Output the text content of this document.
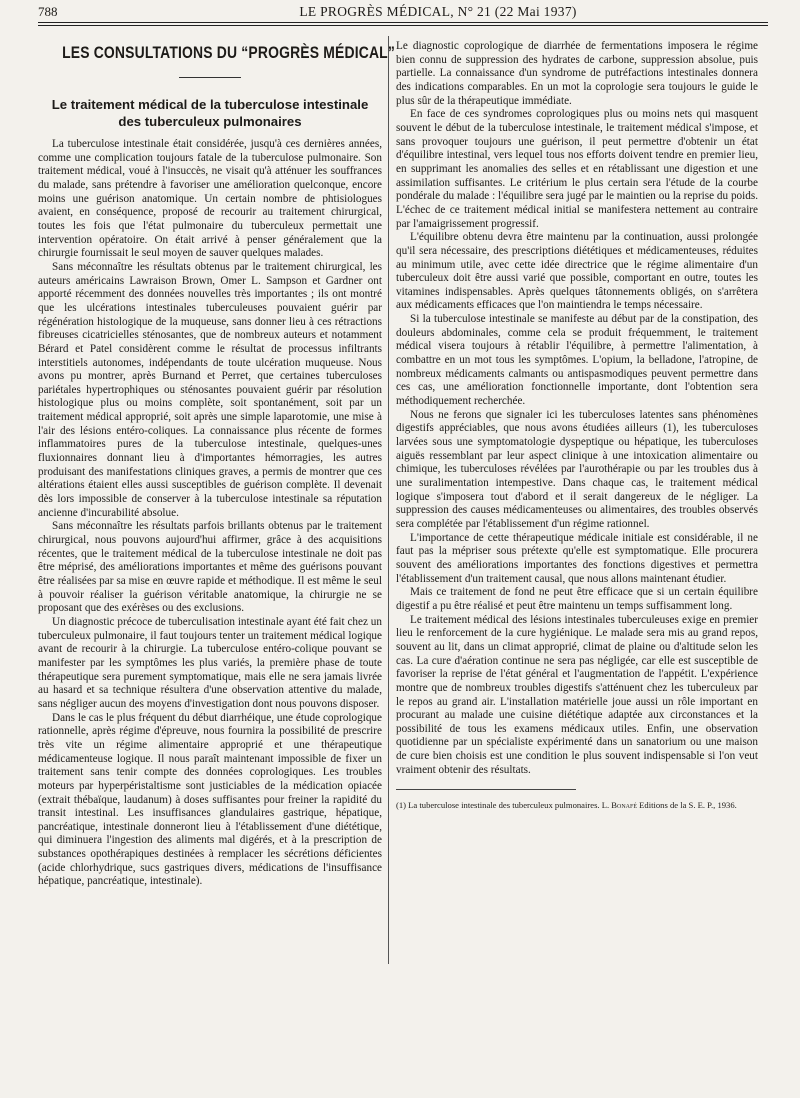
788	LE PROGRÈS MÉDICAL, N° 21 (22 Mai 1937)
LES CONSULTATIONS DU “PROGRÈS MÉDICAL”
Le traitement médical de la tuberculose intestinale
des tuberculeux pulmonaires

La tuberculose intestinale était considérée, jusqu'à ces dernières années, comme une complication toujours fatale de la tuberculose pulmonaire. Son traitement médical, voué à l'insuccès, ne visait qu'à atténuer les souffrances du malade, sans prétendre à favoriser une amélioration quelconque, encore moins une guérison anatomique. Un certain nombre de phtisiologues avaient, en conséquence, proposé de recourir au traitement chirurgical, toutes les fois que l'état pulmonaire du tuberculeux permettait une intervention opératoire. On était arrivé à penser généralement que la chirurgie fournissait le seul moyen de sauver quelques malades.

Sans méconnaître les résultats obtenus par le traitement chirurgical, les auteurs américains Lawraison Brown, Omer L. Sampson et Gardner ont apporté récemment des données nouvelles très importantes ; ils ont montré que les ulcérations intestinales tuberculeuses pouvaient guérir par régénération histologique de la muqueuse, sans donner lieu à ces rétractions fibreuses cicatricielles sténosantes, que de nombreux auteurs et notamment Bérard et Patel considèrent comme le résultat de processus infiltrants interstitiels autonomes, indépendants de toute ulcération muqueuse. Nous avons pu montrer, après Burnand et Perret, que certaines tuberculoses pariétales hypertrophiques ou sténosantes pouvaient guérir par résolution histologique plus ou moins complète, soit spontanément, soit par un traitement médical approprié, soit après une simple laparotomie, une mise à l'air des lésions entéro-coliques. La connaissance plus récente de formes inflammatoires pures de la tuberculose intestinale, quelques-unes fluxionnaires donnant lieu à d'importantes hémorragies, les autres produisant des manifestations cliniques graves, a permis de montrer que ces altérations étaient elles aussi susceptibles de guérison complète. Il devenait dès lors impossible de conserver à la tuberculose intestinale sa réputation ancienne d'incurabilité absolue.

Sans méconnaître les résultats parfois brillants obtenus par le traitement chirurgical, nous pouvons aujourd'hui affirmer, grâce à des acquisitions récentes, que le traitement médical de la tuberculose intestinale ne doit pas être méprisé, des améliorations importantes et même des guérisons pouvant être réalisées par sa mise en œuvre rapide et méthodique. Il est même le seul à pouvoir réaliser la guérison véritable anatomique, la chirurgie ne se proposant que des exérèses ou des exclusions.

Un diagnostic précoce de tuberculisation intestinale ayant été fait chez un tuberculeux pulmonaire, il faut toujours tenter un traitement médical logique avant de recourir à la chirurgie. La tuberculose entéro-colique pouvant se manifester par les symptômes les plus variés, la première phase de toute thérapeutique sera purement symptomatique, mais elle ne sera jamais livrée au hasard et sa technique résultera d'une observation attentive du malade, sans négliger aucun des moyens d'investigation dont nous pouvons disposer.

Dans le cas le plus fréquent du début diarrhéique, une étude coprologique rationnelle, après régime d'épreuve, nous fournira la possibilité de prescrire très vite un régime alimentaire approprié et une thérapeutique médicamenteuse logique. Il nous paraît maintenant impossible de fixer un traitement sans tenir compte des données coprologiques. Les troubles moteurs par hyperpéristaltisme sont justiciables de la médication opiacée (extrait thébaïque, laudanum) à doses suffisantes pour freiner la rapidité du transit intestinal. Les insuffisances glandulaires gastrique, hépatique, pancréatique, intestinale donneront lieu à l'établissement d'une diététique, qui diminuera l'ingestion des aliments mal digérés, et à la prescription de substances opothérapiques destinées à remplacer les sécrétions déficientes (acide chlorhydrique, sucs gastriques divers, médications de l'insuffisance hépatique, pancréatique, intestinale).

Le diagnostic coprologique de diarrhée de fermentations imposera le régime bien connu de suppression des hydrates de carbone, suppression absolue, puis partielle. La connaissance d'un syndrome de putréfactions intestinales donnera des indications comparables. En un mot la coprologie sera toujours le guide le plus sûr de la thérapeutique immédiate.

En face de ces syndromes coprologiques plus ou moins nets qui masquent souvent le début de la tuberculose intestinale, le traitement médical s'impose, et sans provoquer toujours une guérison, il peut permettre d'obtenir un état d'équilibre intestinal, vers lequel tous nos efforts doivent tendre en premier lieu, en supprimant les anomalies des selles et en rétablissant une digestion et une assimilation suffisantes. Le critérium le plus certain sera l'étude de la courbe pondérale du malade : l'équilibre sera jugé par le maintien ou la reprise du poids. L'échec de ce traitement médical initial se manifestera nettement au contraire par l'amaigrissement progressif.

L'équilibre obtenu devra être maintenu par la continuation, aussi prolongée qu'il sera nécessaire, des prescriptions diététiques et médicamenteuses, réduites au minimum utile, avec cette idée directrice que le régime alimentaire d'un tuberculeux doit être aussi varié que possible, comportant en outre, toutes les vitamines indispensables. Après quelques tâtonnements obligés, on s'arrêtera aux médicaments efficaces que l'on maintiendra le temps nécessaire.

Si la tuberculose intestinale se manifeste au début par de la constipation, des douleurs abdominales, comme cela se produit fréquemment, le traitement médical visera toujours à rétablir l'équilibre, à permettre l'alimentation, à combattre en un mot tous les symptômes. L'opium, la belladone, l'atropine, de nombreux médicaments calmants ou antispasmodiques peuvent permettre dans ces cas, une amélioration fonctionnelle importante, dont l'obtention sera méthodiquement recherchée.

Nous ne ferons que signaler ici les tuberculoses latentes sans phénomènes digestifs appréciables, que nous avons étudiées ailleurs (1), les tuberculoses larvées sous une symptomatologie dyspeptique ou hépatique, les tuberculoses aiguës ressemblant par leur aspect clinique à une intoxication alimentaire ou chimique, les tuberculoses révélées par l'aurothérapie ou par les troubles dus à une suralimentation intempestive. Dans chaque cas, le traitement médical logique s'imposera tout d'abord et il serait dangereux de le négliger. La suppression des causes médicamenteuses ou alimentaires, des troubles observés sera complétée par l'établissement d'un régime rationnel.

L'importance de cette thérapeutique médicale initiale est considérable, il ne faut pas la mépriser sous prétexte qu'elle est symptomatique. Elle procurera souvent des améliorations importantes des fonctions digestives et permettra l'établissement d'un traitement causal, que nous allons maintenant étudier.

Mais ce traitement de fond ne peut être efficace que si un certain équilibre digestif a pu être réalisé et peut être maintenu un temps suffisamment long.

Le traitement médical des lésions intestinales tuberculeuses exige en premier lieu le renforcement de la cure hygiénique. Le malade sera mis au grand repos, souvent au lit, dans un climat approprié, climat de plaine ou d'altitude selon les cas. La cure d'aération continue ne sera pas négligée, car elle est susceptible de favoriser la reprise de l'état général et l'augmentation de l'appétit. L'expérience montre que de nombreux troubles digestifs s'atténuent chez les tuberculeux par le repos au grand air. L'installation matérielle joue aussi un rôle important en procurant au malade une cuisine diététique adaptée aux circonstances et la possibilité de tous les examens médicaux utiles. Enfin, une observation quotidienne par un spécialiste expérimenté dans un sanatorium ou une maison de cure bien choisis est une condition le plus souvent indispensable si l'on veut vraiment obtenir des résultats.

(1) La tuberculose intestinale des tuberculeux pulmonaires. L. Bonafé Editions de la S. E. P., 1936.
